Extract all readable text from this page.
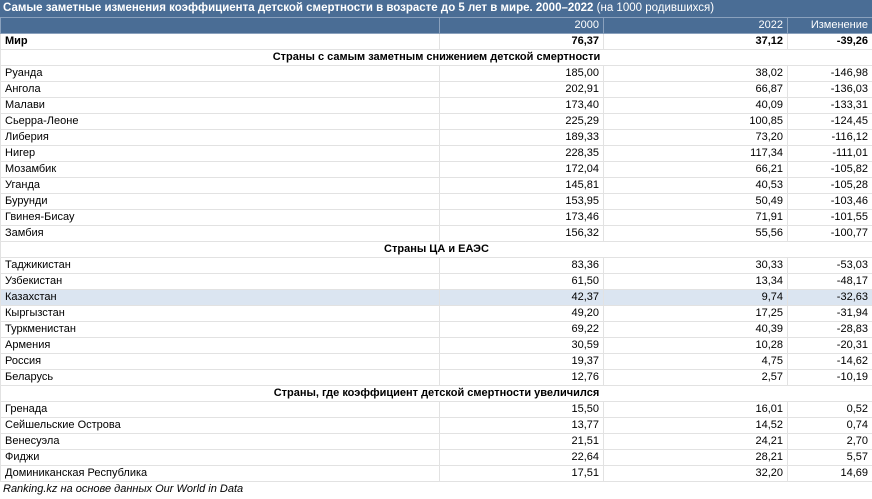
Самые заметные изменения коэффициента детской смертности в возрасте до 5 лет в мире. 2000–2022 (на 1000 родившихся)
	2000	2022	Изменение
Мир	76,37	37,12	-39,26
Страны с самым заметным снижением детской смертности			
Руанда	185,00	38,02	-146,98
Ангола	202,91	66,87	-136,03
Малави	173,40	40,09	-133,31
Сьерра-Леоне	225,29	100,85	-124,45
Либерия	189,33	73,20	-116,12
Нигер	228,35	117,34	-111,01
Мозамбик	172,04	66,21	-105,82
Уганда	145,81	40,53	-105,28
Бурунди	153,95	50,49	-103,46
Гвинея-Бисау	173,46	71,91	-101,55
Замбия	156,32	55,56	-100,77
Страны ЦА и ЕАЭС			
Таджикистан	83,36	30,33	-53,03
Узбекистан	61,50	13,34	-48,17
Казахстан	42,37	9,74	-32,63
Кыргызстан	49,20	17,25	-31,94
Туркменистан	69,22	40,39	-28,83
Армения	30,59	10,28	-20,31
Россия	19,37	4,75	-14,62
Беларусь	12,76	2,57	-10,19
Страны, где коэффициент детской смертности увеличился			
Гренада	15,50	16,01	0,52
Сейшельские Острова	13,77	14,52	0,74
Венесуэла	21,51	24,21	2,70
Фиджи	22,64	28,21	5,57
Доминиканская Республика	17,51	32,20	14,69
Ranking.kz на основе данных Our World in Data
